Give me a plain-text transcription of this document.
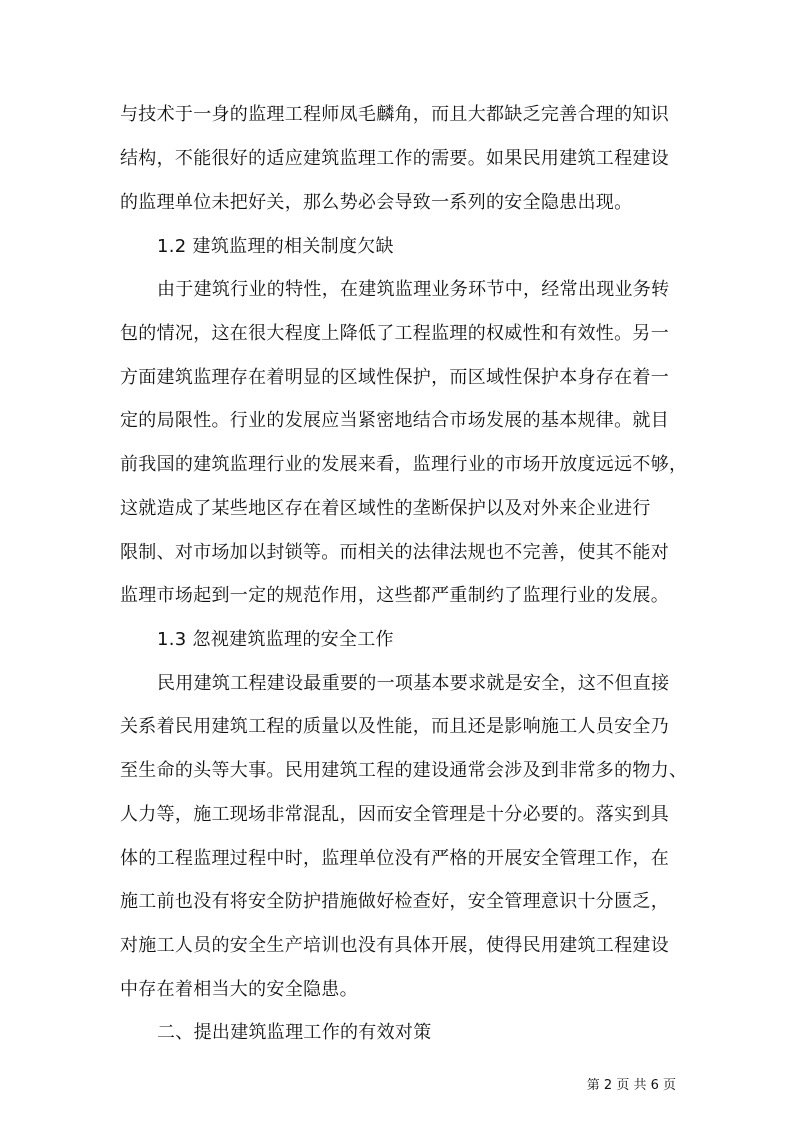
与技术于一身的监理工程师凤毛麟角，而且大都缺乏完善合理的知识
结构，不能很好的适应建筑监理工作的需要。如果民用建筑工程建设
的监理单位未把好关，那么势必会导致一系列的安全隐患出现。
1.2 建筑监理的相关制度欠缺
由于建筑行业的特性，在建筑监理业务环节中，经常出现业务转
包的情况，这在很大程度上降低了工程监理的权威性和有效性。另一
方面建筑监理存在着明显的区域性保护，而区域性保护本身存在着一
定的局限性。行业的发展应当紧密地结合市场发展的基本规律。就目
前我国的建筑监理行业的发展来看，监理行业的市场开放度远远不够，
这就造成了某些地区存在着区域性的垄断保护以及对外来企业进行
限制、对市场加以封锁等。而相关的法律法规也不完善，使其不能对
监理市场起到一定的规范作用，这些都严重制约了监理行业的发展。
1.3 忽视建筑监理的安全工作
民用建筑工程建设最重要的一项基本要求就是安全，这不但直接
关系着民用建筑工程的质量以及性能，而且还是影响施工人员安全乃
至生命的头等大事。民用建筑工程的建设通常会涉及到非常多的物力、
人力等，施工现场非常混乱，因而安全管理是十分必要的。落实到具
体的工程监理过程中时，监理单位没有严格的开展安全管理工作，在
施工前也没有将安全防护措施做好检查好，安全管理意识十分匮乏，
对施工人员的安全生产培训也没有具体开展，使得民用建筑工程建设
中存在着相当大的安全隐患。
二、提出建筑监理工作的有效对策
第 2 页 共 6 页
